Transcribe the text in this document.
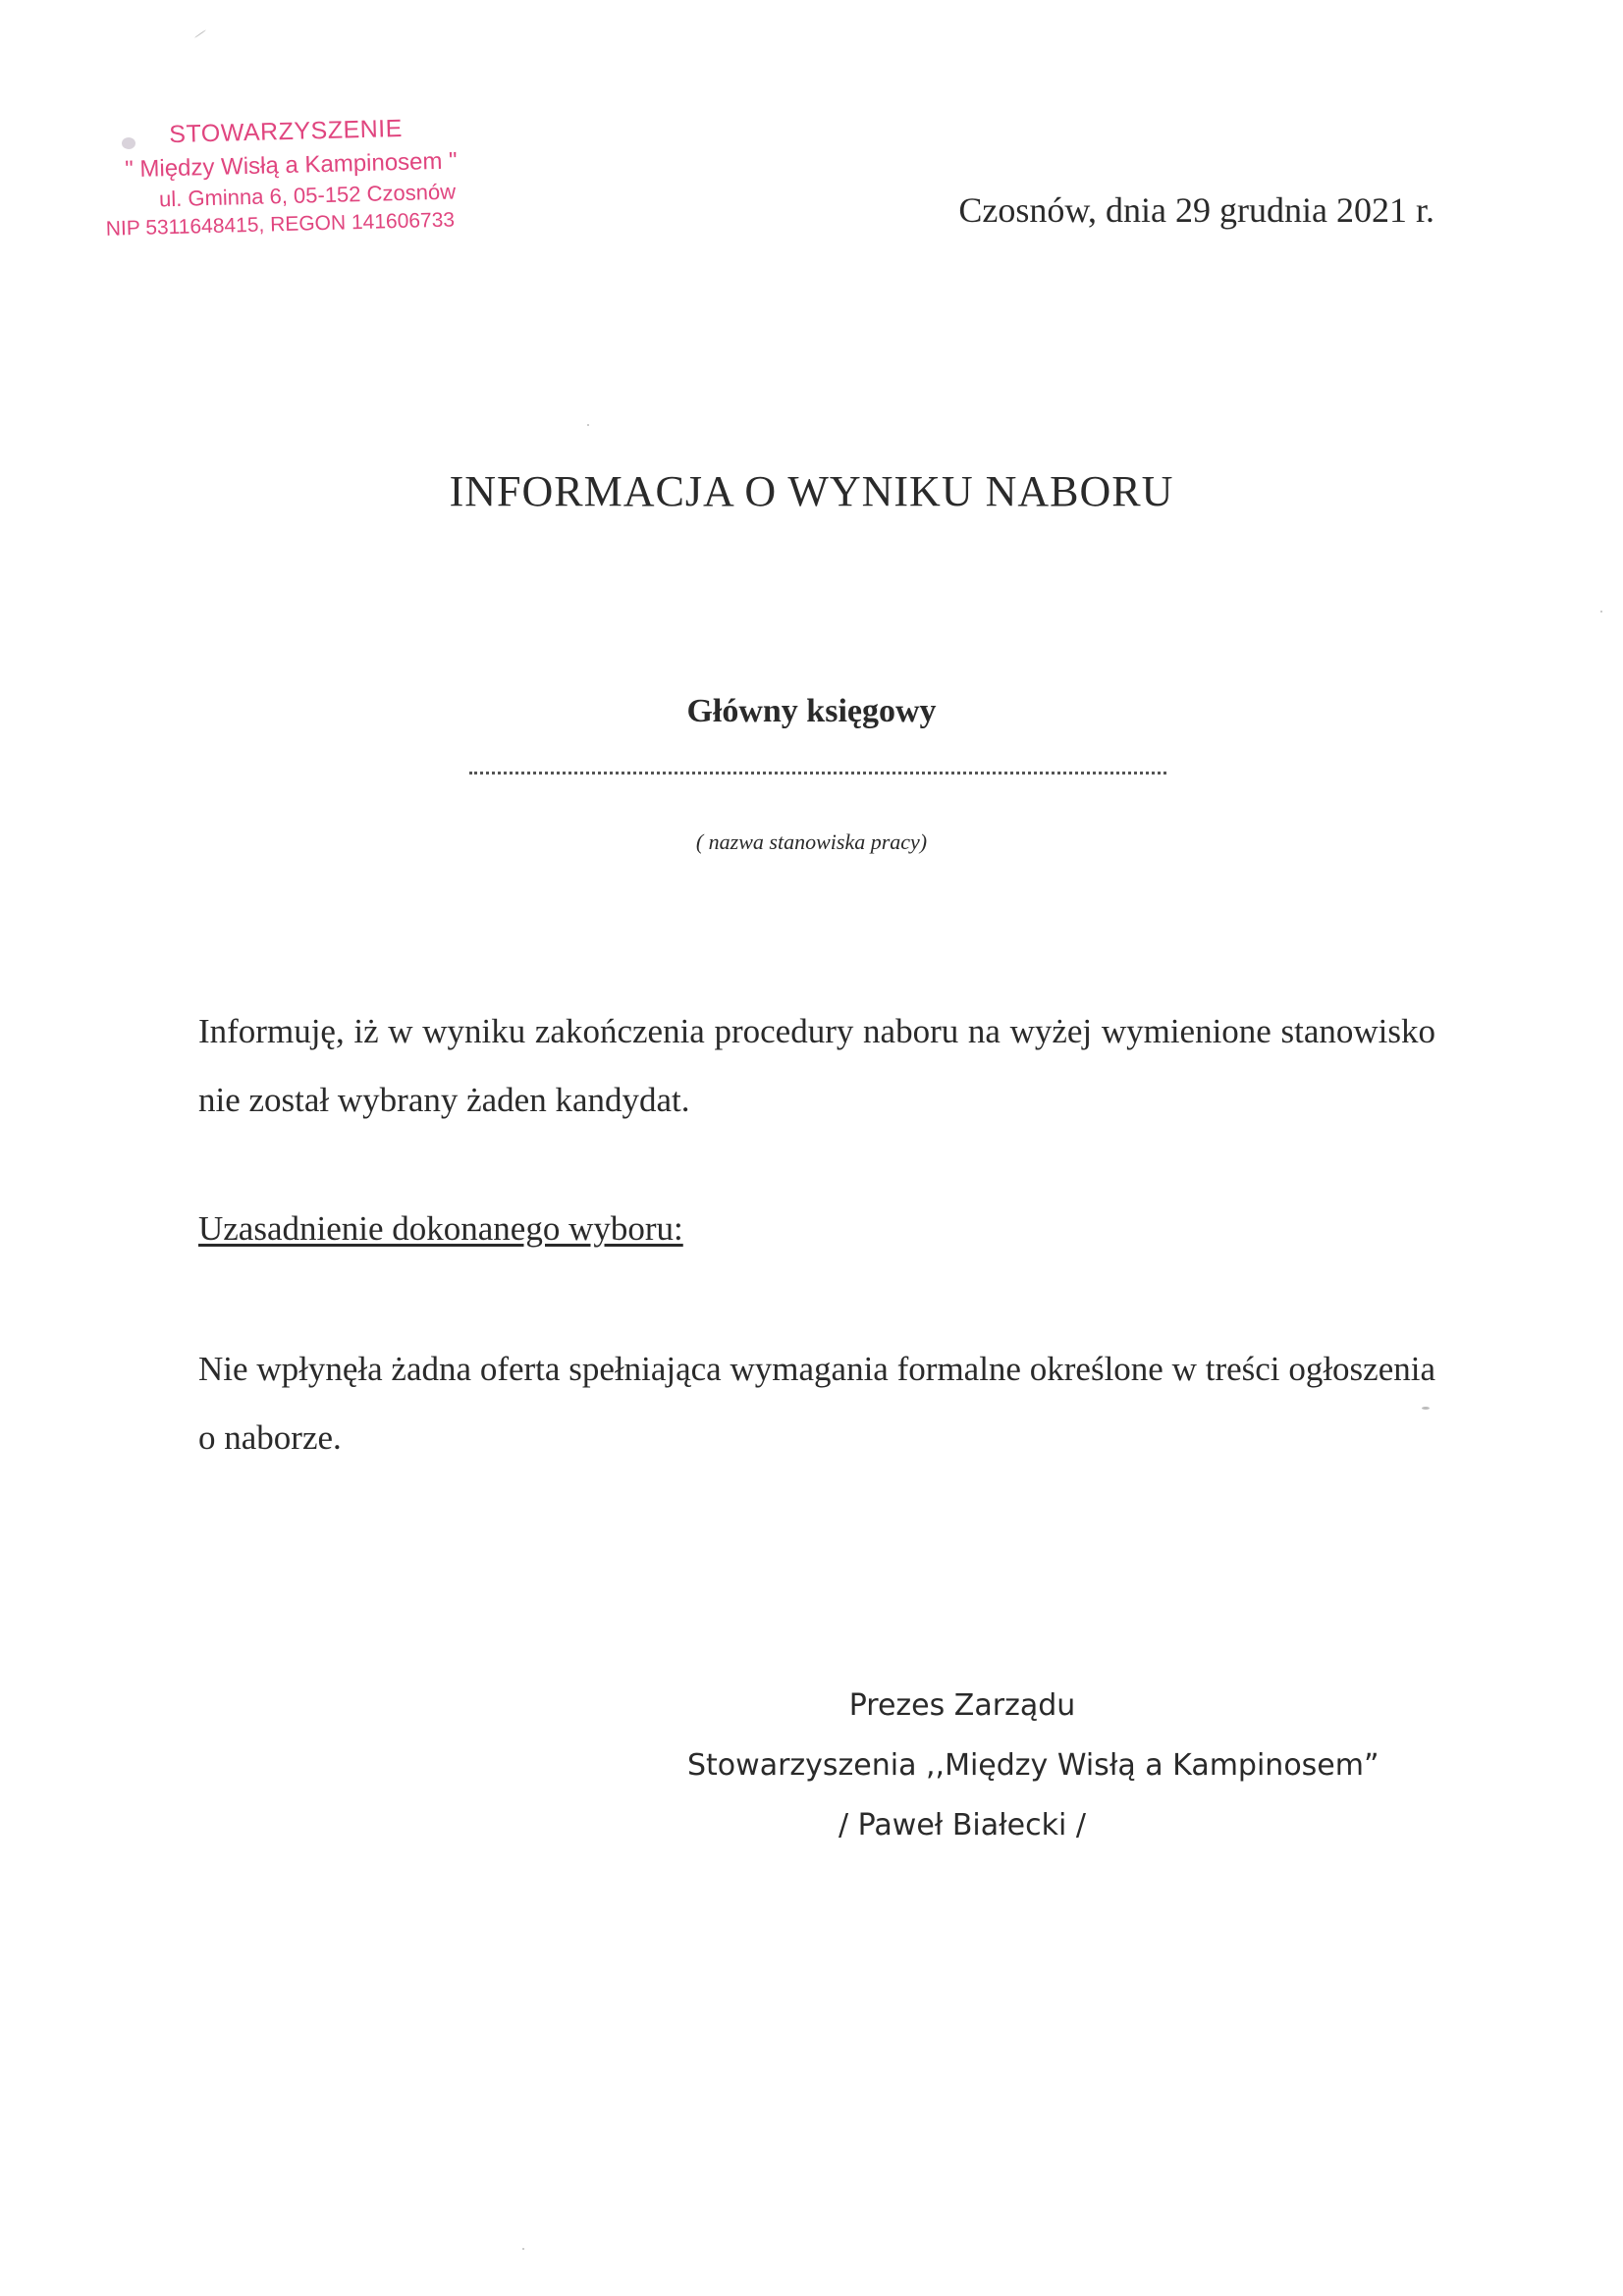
STOWARZYSZENIE
" Między Wisłą a Kampinosem "
ul. Gminna 6, 05-152 Czosnów
NIP 5311648415, REGON 141606733	Czosnów, dnia 29 grudnia 2021 r.
INFORMACJA O WYNIKU NABORU
Główny księgowy
( nazwa stanowiska pracy)
Informuję, iż w wyniku zakończenia procedury naboru na wyżej wymienione stanowisko nie został wybrany żaden kandydat.
Uzasadnienie dokonanego wyboru:
Nie wpłynęła żadna oferta spełniająca wymagania formalne określone w treści ogłoszenia o naborze.
Prezes Zarządu
Stowarzyszenia ,,Między Wisłą a Kampinosem”
/ Paweł Białecki /
